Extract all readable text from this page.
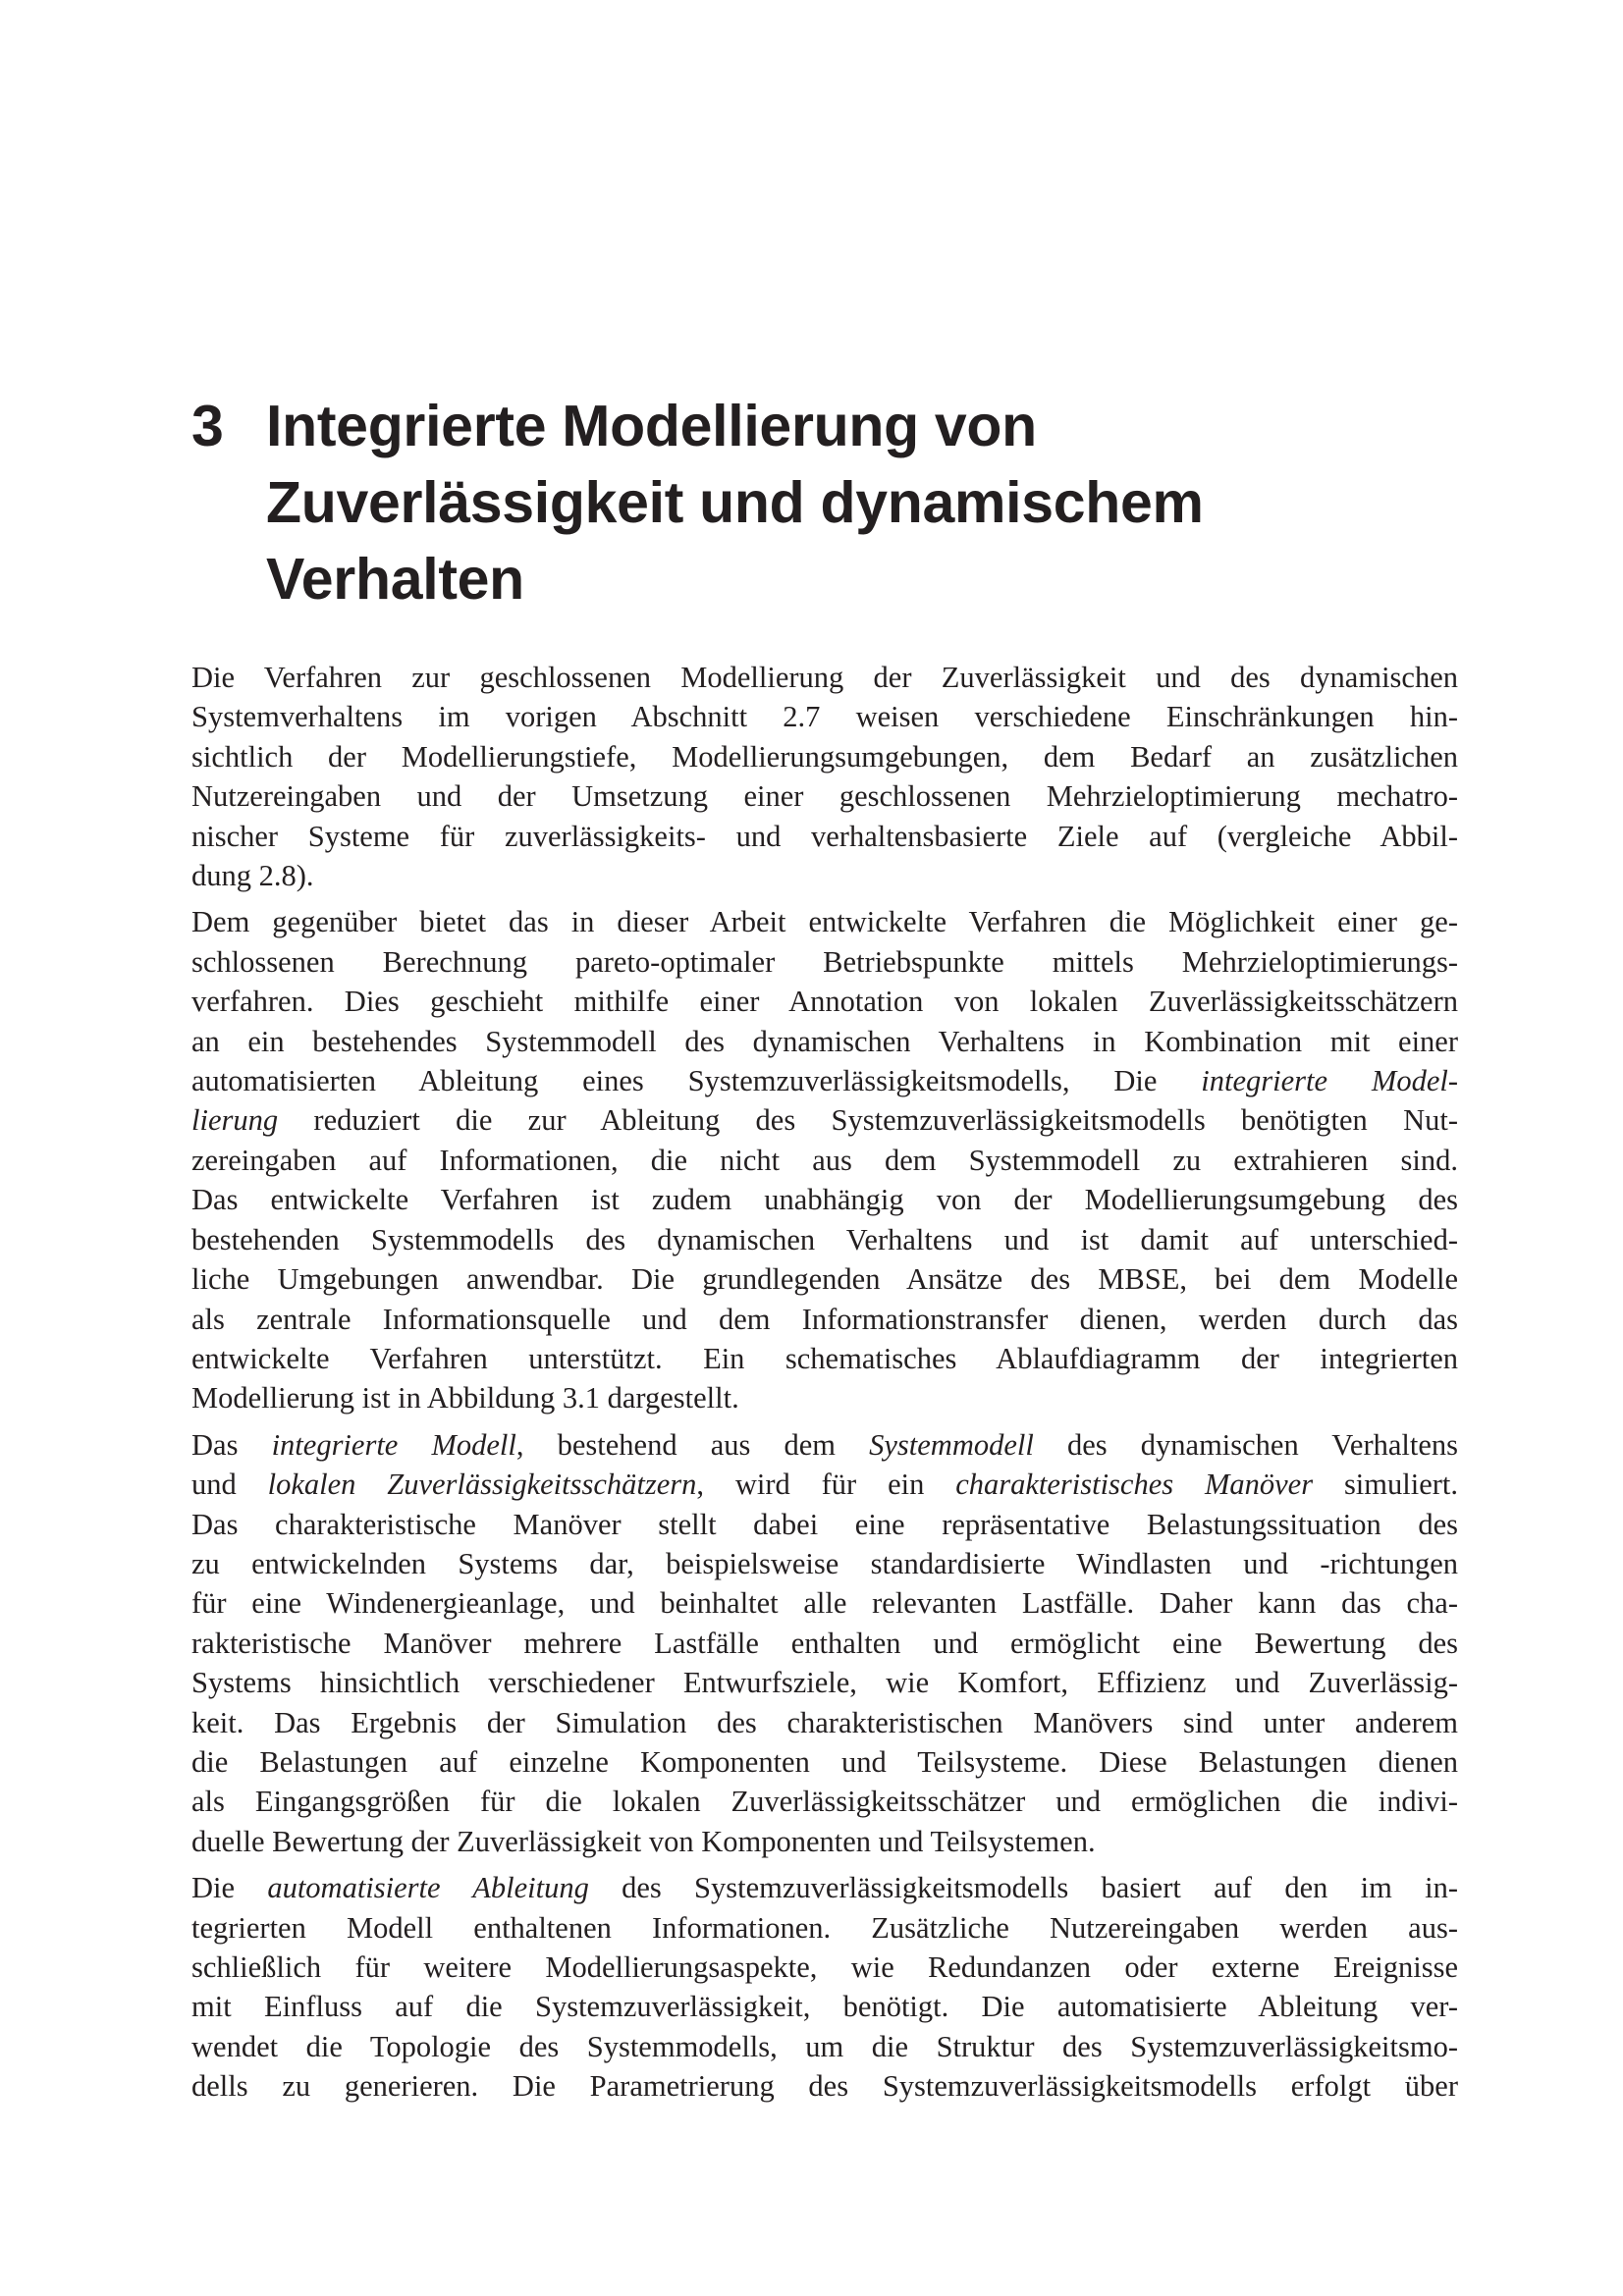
3 Integrierte Modellierung von
Zuverlässigkeit und dynamischem
Verhalten

Die Verfahren zur geschlossenen Modellierung der Zuverlässigkeit und des dynamischen
Systemverhaltens im vorigen Abschnitt 2.7 weisen verschiedene Einschränkungen hin-
sichtlich der Modellierungstiefe, Modellierungsumgebungen, dem Bedarf an zusätzlichen
Nutzereingaben und der Umsetzung einer geschlossenen Mehrzieloptimierung mechatro-
nischer Systeme für zuverlässigkeits- und verhaltensbasierte Ziele auf (vergleiche Abbil-
dung 2.8).

Dem gegenüber bietet das in dieser Arbeit entwickelte Verfahren die Möglichkeit einer ge-
schlossenen Berechnung pareto-optimaler Betriebspunkte mittels Mehrzieloptimierungs-
verfahren. Dies geschieht mithilfe einer Annotation von lokalen Zuverlässigkeitsschätzern
an ein bestehendes Systemmodell des dynamischen Verhaltens in Kombination mit einer
automatisierten Ableitung eines Systemzuverlässigkeitsmodells, Die integrierte Model-
lierung reduziert die zur Ableitung des Systemzuverlässigkeitsmodells benötigten Nut-
zereingaben auf Informationen, die nicht aus dem Systemmodell zu extrahieren sind.
Das entwickelte Verfahren ist zudem unabhängig von der Modellierungsumgebung des
bestehenden Systemmodells des dynamischen Verhaltens und ist damit auf unterschied-
liche Umgebungen anwendbar. Die grundlegenden Ansätze des MBSE, bei dem Modelle
als zentrale Informationsquelle und dem Informationstransfer dienen, werden durch das
entwickelte Verfahren unterstützt. Ein schematisches Ablaufdiagramm der integrierten
Modellierung ist in Abbildung 3.1 dargestellt.

Das integrierte Modell, bestehend aus dem Systemmodell des dynamischen Verhaltens
und lokalen Zuverlässigkeitsschätzern, wird für ein charakteristisches Manöver simuliert.
Das charakteristische Manöver stellt dabei eine repräsentative Belastungssituation des
zu entwickelnden Systems dar, beispielsweise standardisierte Windlasten und -richtungen
für eine Windenergieanlage, und beinhaltet alle relevanten Lastfälle. Daher kann das cha-
rakteristische Manöver mehrere Lastfälle enthalten und ermöglicht eine Bewertung des
Systems hinsichtlich verschiedener Entwurfsziele, wie Komfort, Effizienz und Zuverlässig-
keit. Das Ergebnis der Simulation des charakteristischen Manövers sind unter anderem
die Belastungen auf einzelne Komponenten und Teilsysteme. Diese Belastungen dienen
als Eingangsgrößen für die lokalen Zuverlässigkeitsschätzer und ermöglichen die indivi-
duelle Bewertung der Zuverlässigkeit von Komponenten und Teilsystemen.

Die automatisierte Ableitung des Systemzuverlässigkeitsmodells basiert auf den im in-
tegrierten Modell enthaltenen Informationen. Zusätzliche Nutzereingaben werden aus-
schließlich für weitere Modellierungsaspekte, wie Redundanzen oder externe Ereignisse
mit Einfluss auf die Systemzuverlässigkeit, benötigt. Die automatisierte Ableitung ver-
wendet die Topologie des Systemmodells, um die Struktur des Systemzuverlässigkeitsmo-
dells zu generieren. Die Parametrierung des Systemzuverlässigkeitsmodells erfolgt über
